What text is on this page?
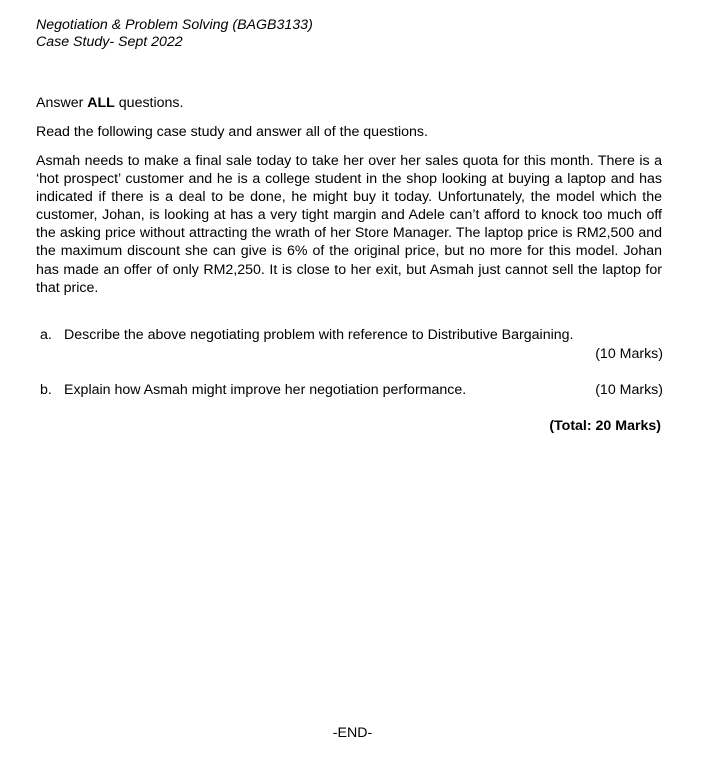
Negotiation & Problem Solving (BAGB3133)
Case Study- Sept 2022
Answer ALL questions.
Read the following case study and answer all of the questions.
Asmah needs to make a final sale today to take her over her sales quota for this month. There is a ‘hot prospect’ customer and he is a college student in the shop looking at buying a laptop and has indicated if there is a deal to be done, he might buy it today. Unfortunately, the model which the customer, Johan, is looking at has a very tight margin and Adele can’t afford to knock too much off the asking price without attracting the wrath of her Store Manager. The laptop price is RM2,500 and the maximum discount she can give is 6% of the original price, but no more for this model. Johan has made an offer of only RM2,250. It is close to her exit, but Asmah just cannot sell the laptop for that price.
a. Describe the above negotiating problem with reference to Distributive Bargaining.
(10 Marks)
b. Explain how Asmah might improve her negotiation performance.	(10 Marks)
(Total: 20 Marks)
-END-
